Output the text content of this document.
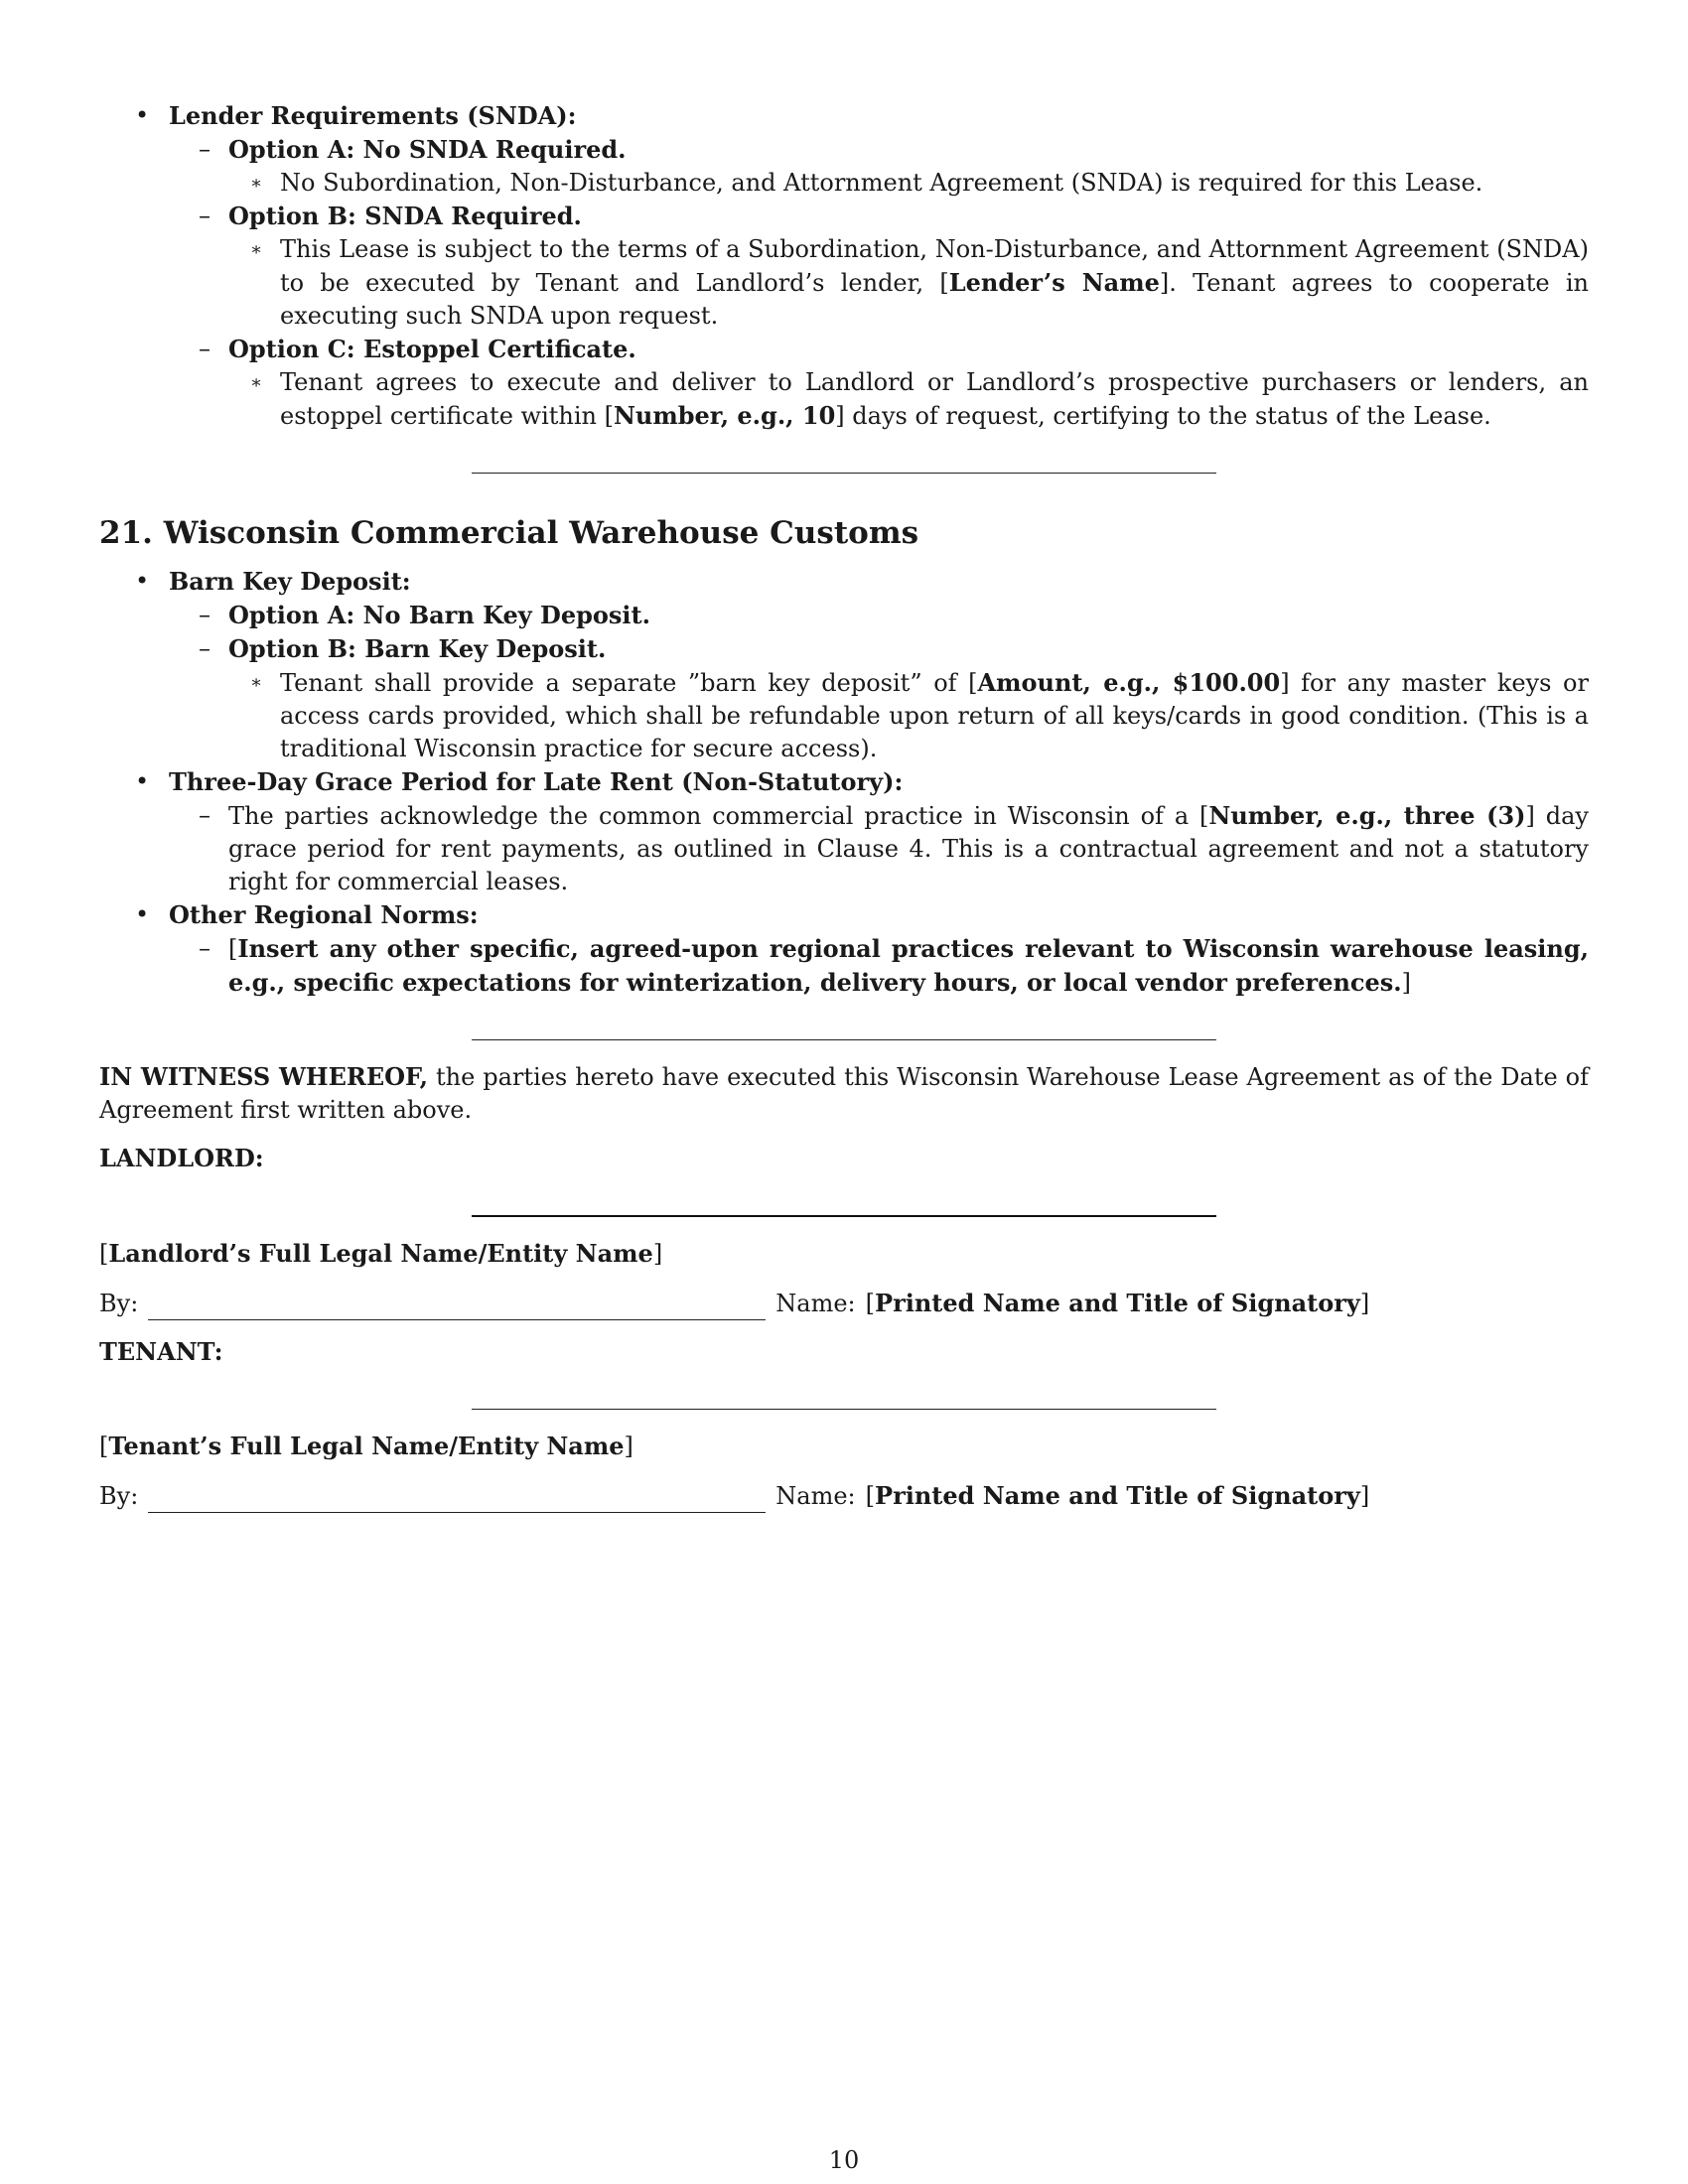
• Lender Requirements (SNDA):
– Option A: No SNDA Required.
∗ No Subordination, Non-Disturbance, and Attornment Agreement (SNDA) is required for this Lease.
– Option B: SNDA Required.
∗ This Lease is subject to the terms of a Subordination, Non-Disturbance, and Attornment Agreement (SNDA) to be executed by Tenant and Landlord’s lender, [Lender’s Name]. Tenant agrees to cooperate in executing such SNDA upon request.
– Option C: Estoppel Certificate.
∗ Tenant agrees to execute and deliver to Landlord or Landlord’s prospective purchasers or lenders, an estoppel certificate within [Number, e.g., 10] days of request, certifying to the status of the Lease.
21. Wisconsin Commercial Warehouse Customs
• Barn Key Deposit:
– Option A: No Barn Key Deposit.
– Option B: Barn Key Deposit.
∗ Tenant shall provide a separate ”barn key deposit” of [Amount, e.g., $100.00] for any master keys or access cards provided, which shall be refundable upon return of all keys/cards in good condition. (This is a traditional Wisconsin practice for secure access).
• Three-Day Grace Period for Late Rent (Non-Statutory):
– The parties acknowledge the common commercial practice in Wisconsin of a [Number, e.g., three (3)] day grace period for rent payments, as outlined in Clause 4. This is a contractual agreement and not a statutory right for commercial leases.
• Other Regional Norms:
– [Insert any other specific, agreed-upon regional practices relevant to Wisconsin warehouse leasing, e.g., specific expectations for winterization, delivery hours, or local vendor preferences.]
IN WITNESS WHEREOF, the parties hereto have executed this Wisconsin Warehouse Lease Agreement as of the Date of Agreement first written above.
LANDLORD:
[Landlord’s Full Legal Name/Entity Name]
By:	Name: [Printed Name and Title of Signatory]
TENANT:
[Tenant’s Full Legal Name/Entity Name]
By:	Name: [Printed Name and Title of Signatory]
10
